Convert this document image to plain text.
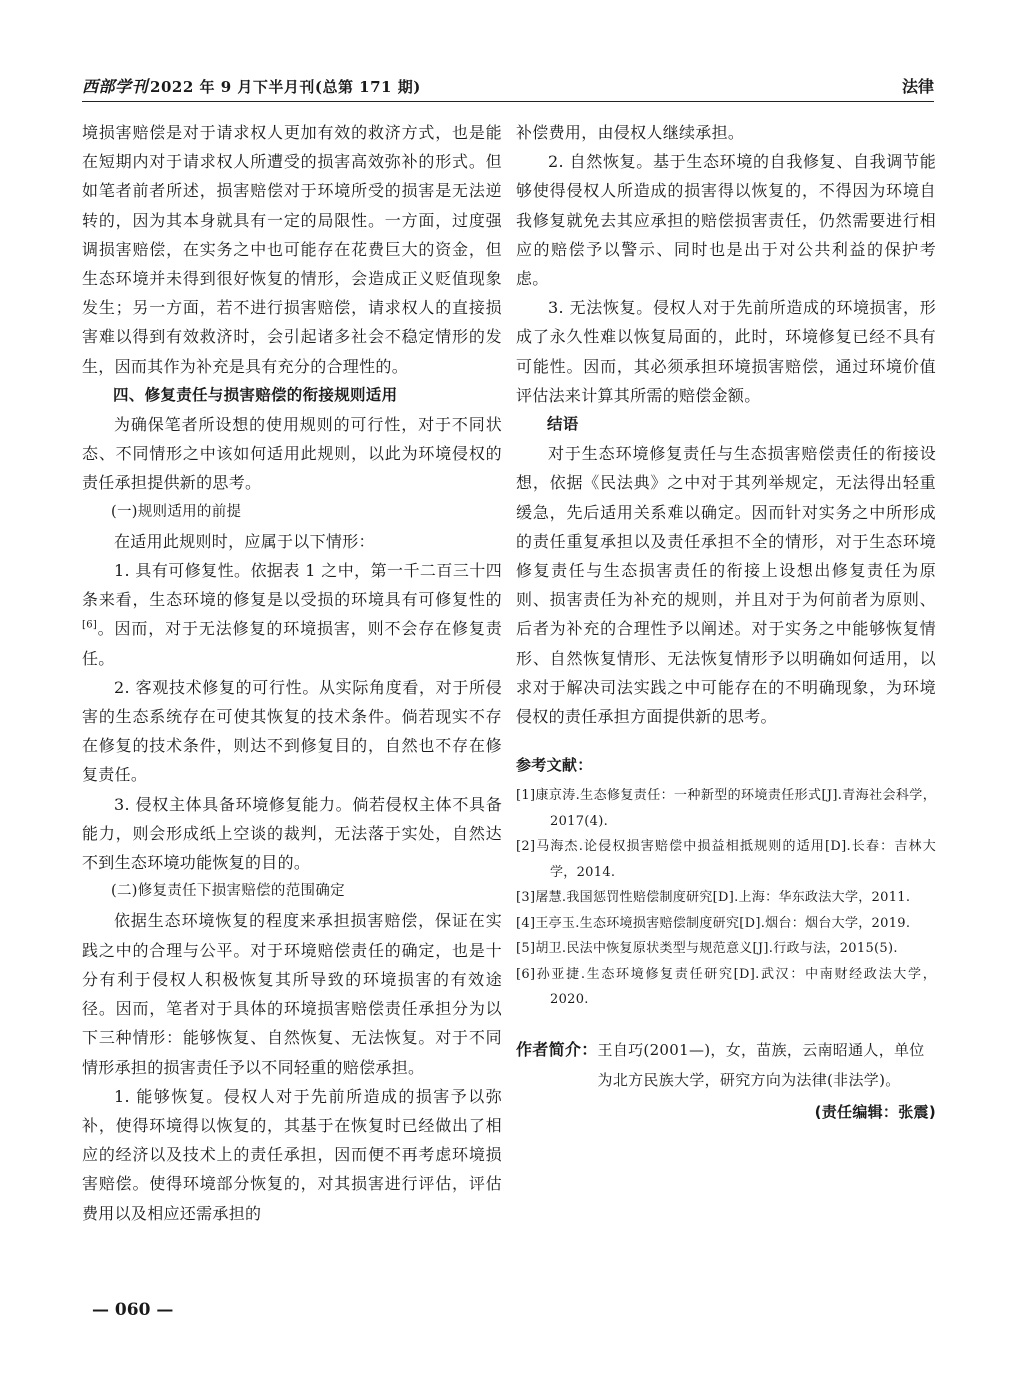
西部学刊 2022 年 9 月下半月刊(总第 171 期)	法律

境损害赔偿是对于请求权人更加有效的救济方式，也是能在短期内对于请求权人所遭受的损害高效弥补的形式。但如笔者前者所述，损害赔偿对于环境所受的损害是无法逆转的，因为其本身就具有一定的局限性。一方面，过度强调损害赔偿，在实务之中也可能存在花费巨大的资金，但生态环境并未得到很好恢复的情形，会造成正义贬值现象发生；另一方面，若不进行损害赔偿，请求权人的直接损害难以得到有效救济时，会引起诸多社会不稳定情形的发生，因而其作为补充是具有充分的合理性的。

四、修复责任与损害赔偿的衔接规则适用

为确保笔者所设想的使用规则的可行性，对于不同状态、不同情形之中该如何适用此规则，以此为环境侵权的责任承担提供新的思考。

(一)规则适用的前提

在适用此规则时，应属于以下情形：

1. 具有可修复性。依据表 1 之中，第一千二百三十四条来看，生态环境的修复是以受损的环境具有可修复性的[6]。因而，对于无法修复的环境损害，则不会存在修复责任。

2. 客观技术修复的可行性。从实际角度看，对于所侵害的生态系统存在可使其恢复的技术条件。倘若现实不存在修复的技术条件，则达不到修复目的，自然也不存在修复责任。

3. 侵权主体具备环境修复能力。倘若侵权主体不具备能力，则会形成纸上空谈的裁判，无法落于实处，自然达不到生态环境功能恢复的目的。

(二)修复责任下损害赔偿的范围确定

依据生态环境恢复的程度来承担损害赔偿，保证在实践之中的合理与公平。对于环境赔偿责任的确定，也是十分有利于侵权人积极恢复其所导致的环境损害的有效途径。因而，笔者对于具体的环境损害赔偿责任承担分为以下三种情形：能够恢复、自然恢复、无法恢复。对于不同情形承担的损害责任予以不同轻重的赔偿承担。

1. 能够恢复。侵权人对于先前所造成的损害予以弥补，使得环境得以恢复的，其基于在恢复时已经做出了相应的经济以及技术上的责任承担，因而便不再考虑环境损害赔偿。使得环境部分恢复的，对其损害进行评估，评估费用以及相应还需承担的

补偿费用，由侵权人继续承担。

2. 自然恢复。基于生态环境的自我修复、自我调节能够使得侵权人所造成的损害得以恢复的，不得因为环境自我修复就免去其应承担的赔偿损害责任，仍然需要进行相应的赔偿予以警示、同时也是出于对公共利益的保护考虑。

3. 无法恢复。侵权人对于先前所造成的环境损害，形成了永久性难以恢复局面的，此时，环境修复已经不具有可能性。因而，其必须承担环境损害赔偿，通过环境价值评估法来计算其所需的赔偿金额。

结语

对于生态环境修复责任与生态损害赔偿责任的衔接设想，依据《民法典》之中对于其列举规定，无法得出轻重缓急，先后适用关系难以确定。因而针对实务之中所形成的责任重复承担以及责任承担不全的情形，对于生态环境修复责任与生态损害责任的衔接上设想出修复责任为原则、损害责任为补充的规则，并且对于为何前者为原则、后者为补充的合理性予以阐述。对于实务之中能够恢复情形、自然恢复情形、无法恢复情形予以明确如何适用，以求对于解决司法实践之中可能存在的不明确现象，为环境侵权的责任承担方面提供新的思考。

参考文献：
[1]康京涛.生态修复责任：一种新型的环境责任形式[J].青海社会科学，2017(4).
[2]马海杰.论侵权损害赔偿中损益相抵规则的适用[D].长春：吉林大学，2014.
[3]屠慧.我国惩罚性赔偿制度研究[D].上海：华东政法大学，2011.
[4]王亭玉.生态环境损害赔偿制度研究[D].烟台：烟台大学，2019.
[5]胡卫.民法中恢复原状类型与规范意义[J].行政与法，2015(5).
[6]孙亚捷.生态环境修复责任研究[D].武汉：中南财经政法大学，2020.
作者简介： 王自巧(2001—)，女，苗族，云南昭通人，单位为北方民族大学，研究方向为法律(非法学)。
(责任编辑：张震)
— 060 —
